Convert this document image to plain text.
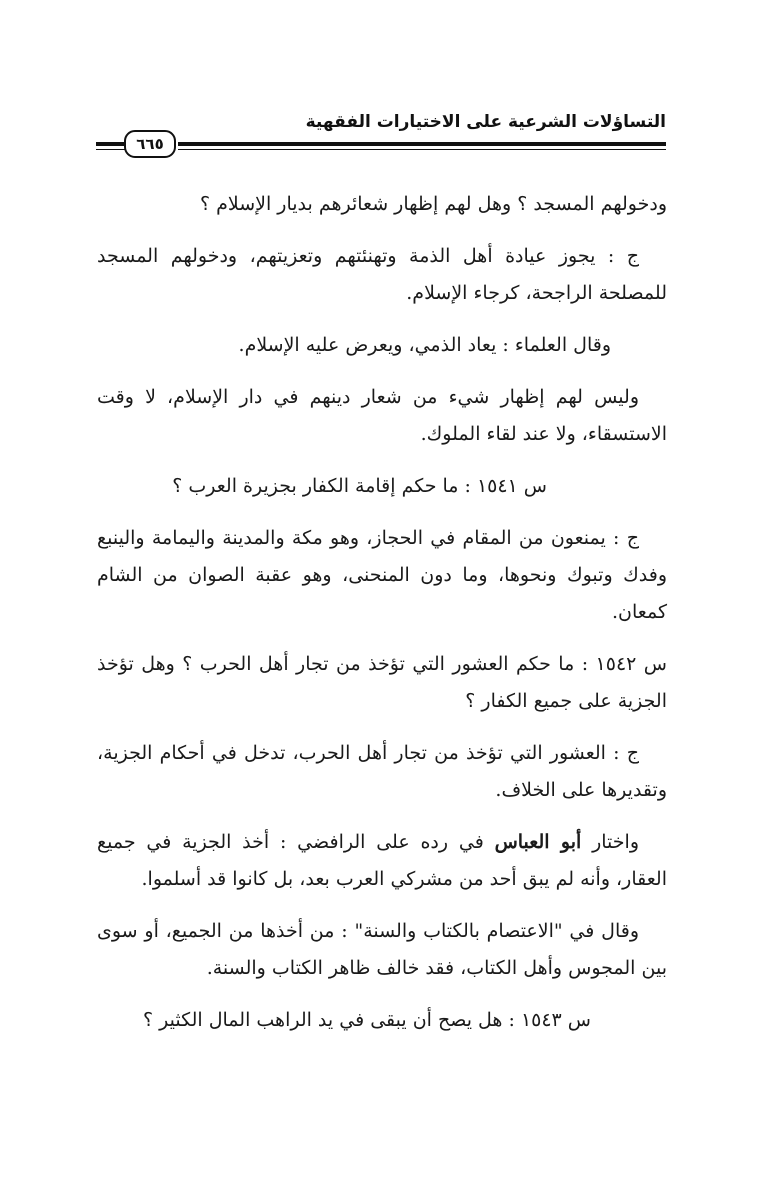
التساؤلات الشرعية على الاختيارات الفقهية
٦٦٥

ودخولهم المسجد ؟ وهل لهم إظهار شعائرهم بديار الإسلام ؟

ج : يجوز عيادة أهل الذمة وتهنئتهم وتعزيتهم، ودخولهم المسجد للمصلحة الراجحة، كرجاء الإسلام.

وقال العلماء : يعاد الذمي، ويعرض عليه الإسلام.

وليس لهم إظهار شيء من شعار دينهم في دار الإسلام، لا وقت الاستسقاء، ولا عند لقاء الملوك.

س ١٥٤١ : ما حكم إقامة الكفار بجزيرة العرب ؟

ج : يمنعون من المقام في الحجاز، وهو مكة والمدينة واليمامة والينبع وفدك وتبوك ونحوها، وما دون المنحنى، وهو عقبة الصوان من الشام كمعان.

س ١٥٤٢ : ما حكم العشور التي تؤخذ من تجار أهل الحرب ؟ وهل تؤخذ الجزية على جميع الكفار ؟

ج : العشور التي تؤخذ من تجار أهل الحرب، تدخل في أحكام الجزية، وتقديرها على الخلاف.

واختار أبو العباس في رده على الرافضي : أخذ الجزية في جميع العقار، وأنه لم يبق أحد من مشركي العرب بعد، بل كانوا قد أسلموا.

وقال في "الاعتصام بالكتاب والسنة" : من أخذها من الجميع، أو سوى بين المجوس وأهل الكتاب، فقد خالف ظاهر الكتاب والسنة.

س ١٥٤٣ : هل يصح أن يبقى في يد الراهب المال الكثير ؟
